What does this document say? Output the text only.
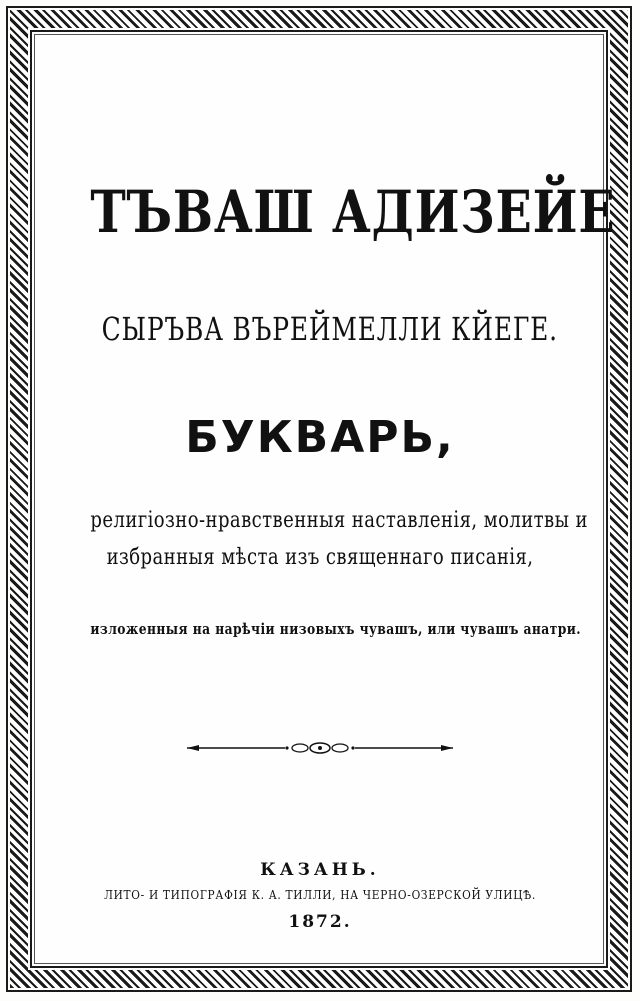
ТЪВАШ АДИЗЕЙЕ
СЫРЪВА ВЪРЕЙМЕЛЛИ КЙЕГЕ.
БУКВАРЬ,
религіозно-нравственныя наставленія, молитвы и
избранныя мѣста изъ священнаго писанія,
изложенныя на нарѣчіи низовыхъ чувашъ, или чувашъ анатри.
КАЗАНЬ.
ЛИТО- И ТИПОГРАФІЯ К. А. ТИЛЛИ, НА ЧЕРНО-ОЗЕРСКОЙ УЛИЦѢ.
1872.
